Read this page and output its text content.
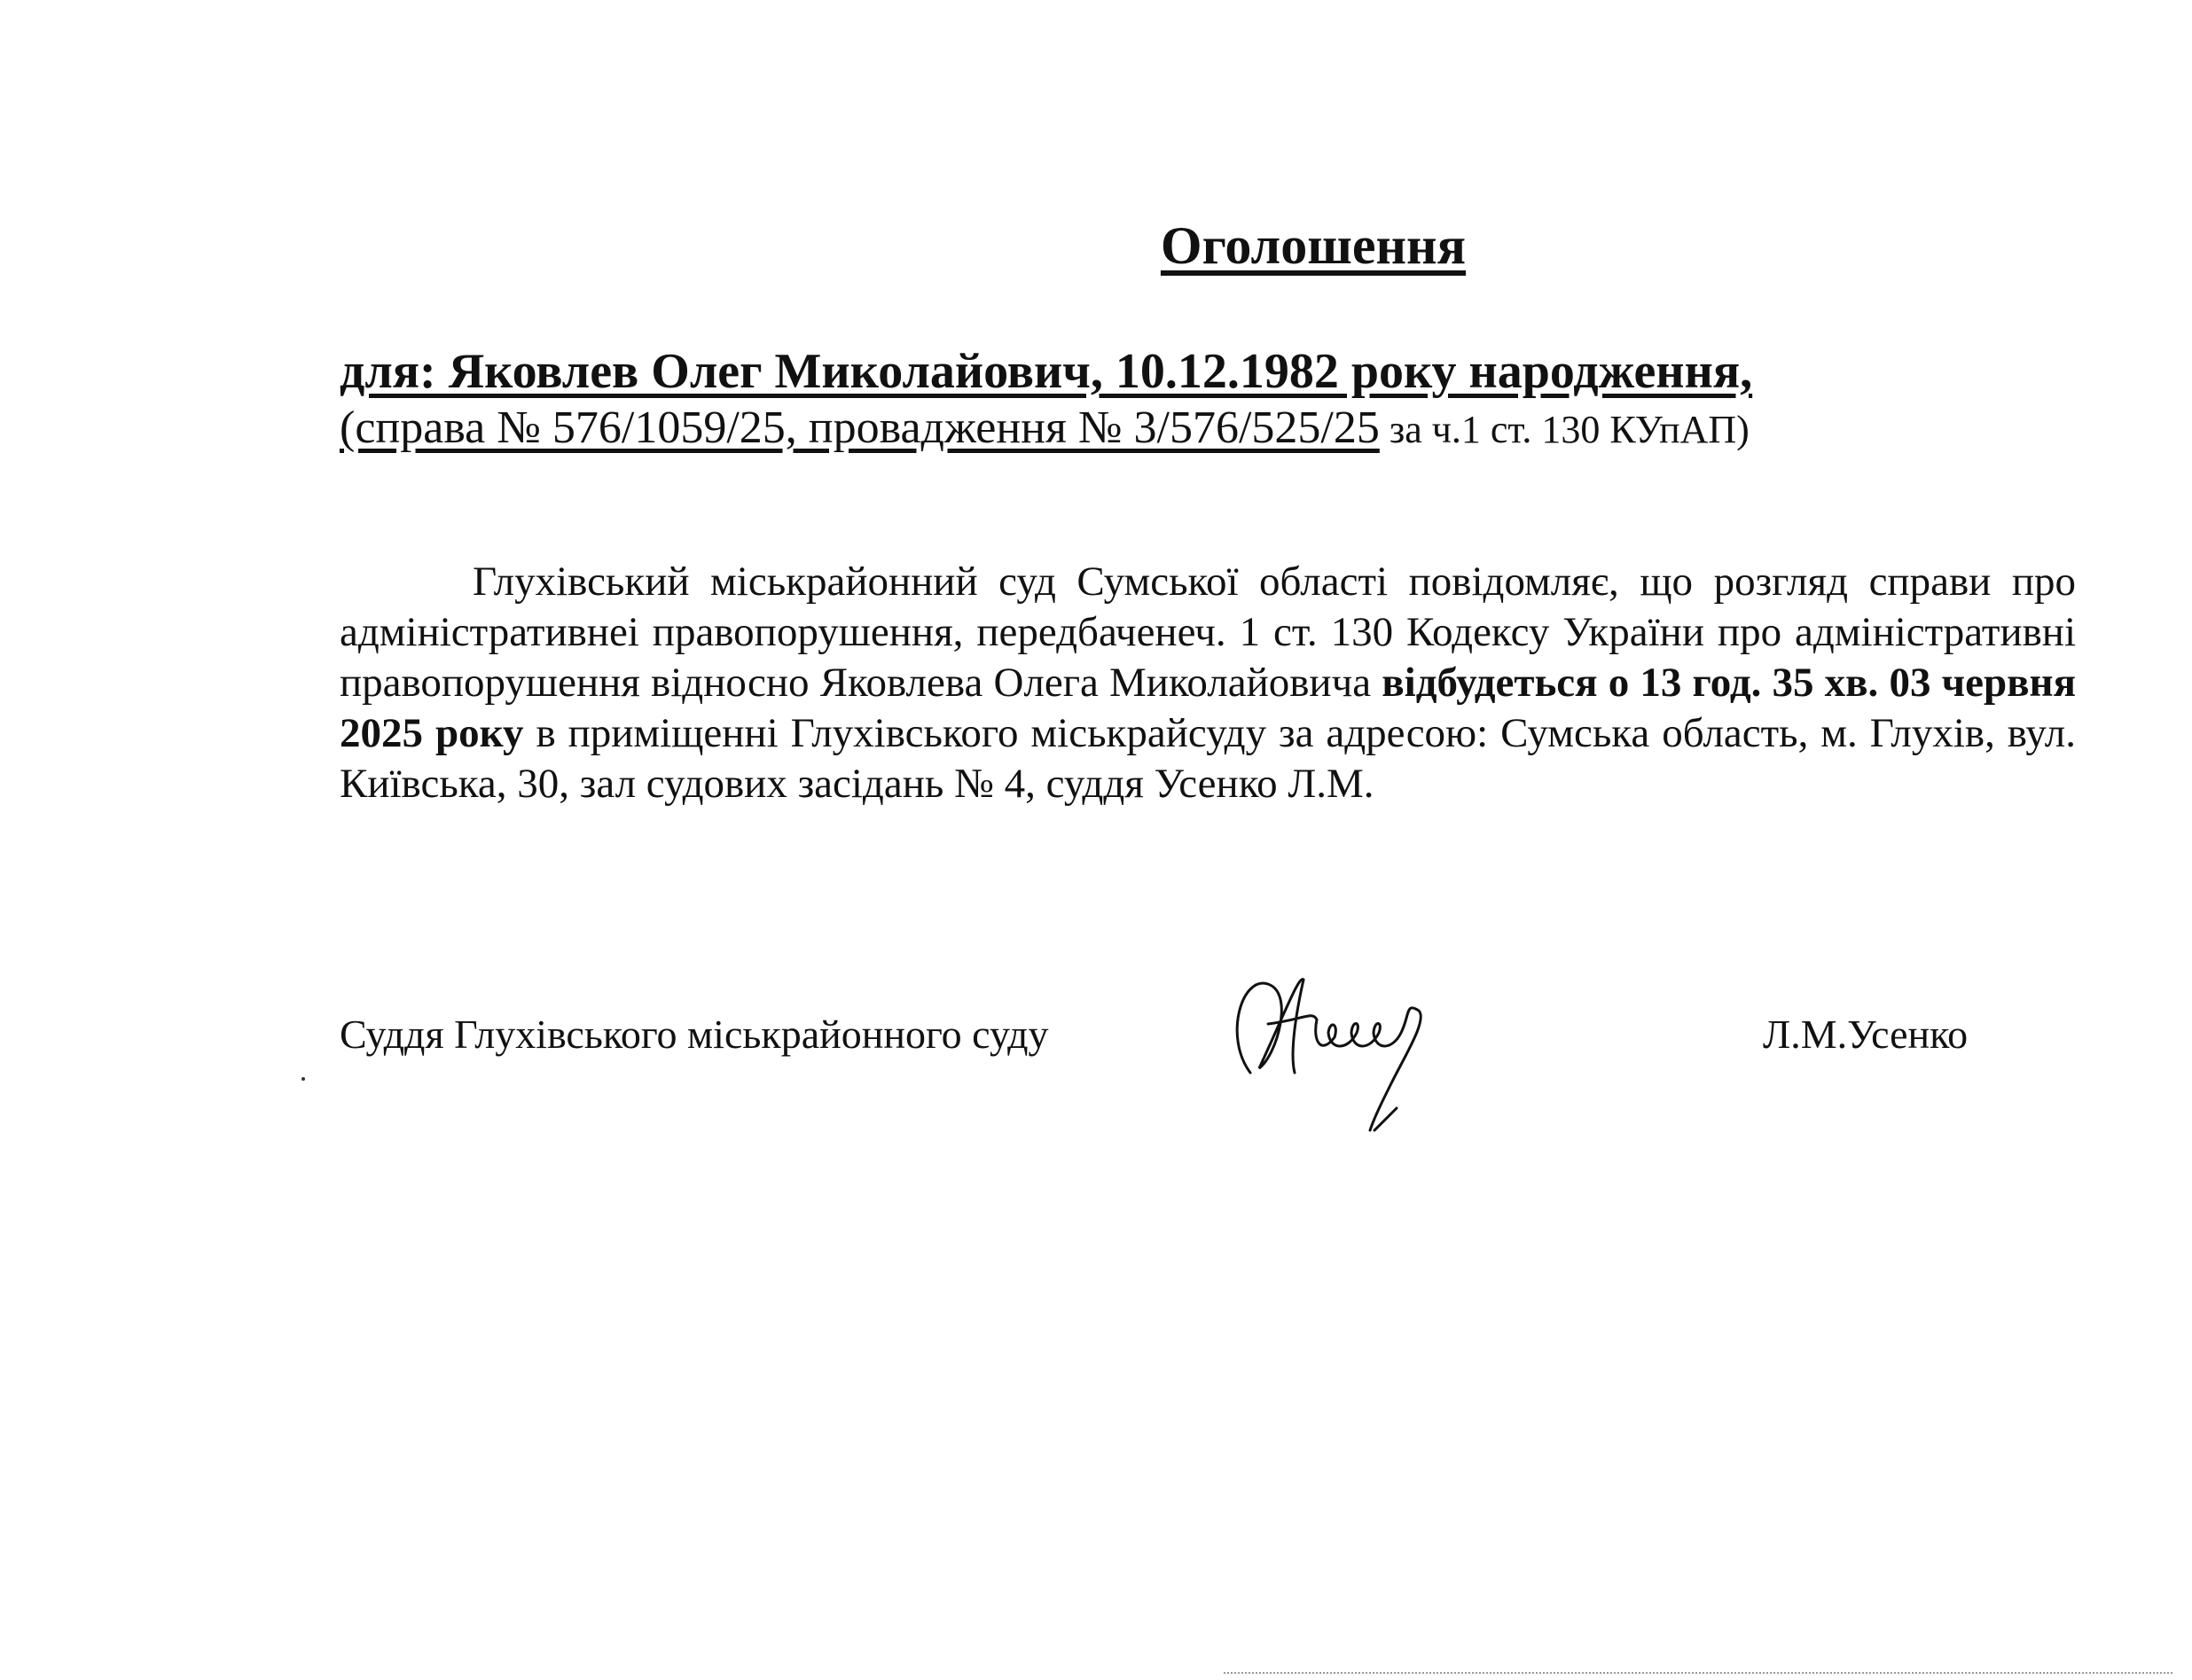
Оголошення
для: Яковлев Олег Миколайович, 10.12.1982 року народження,
(справа № 576/1059/25, провадження № 3/576/525/25 за ч.1 ст. 130 КУпАП)
Глухівський міськрайонний суд Сумської області повідомляє, що розгляд справи про адміністративнеі правопорушення, передбаченеч. 1 ст. 130 Кодексу України про адміністративні правопорушення відносно Яковлева Олега Миколайовича відбудеться о 13 год. 35 хв. 03 червня 2025 року в приміщенні Глухівського міськрайсуду за адресою: Сумська область, м. Глухів, вул. Київська, 30, зал судових засідань № 4, суддя Усенко Л.М.
Суддя Глухівського міськрайонного суду	Л.М.Усенко
